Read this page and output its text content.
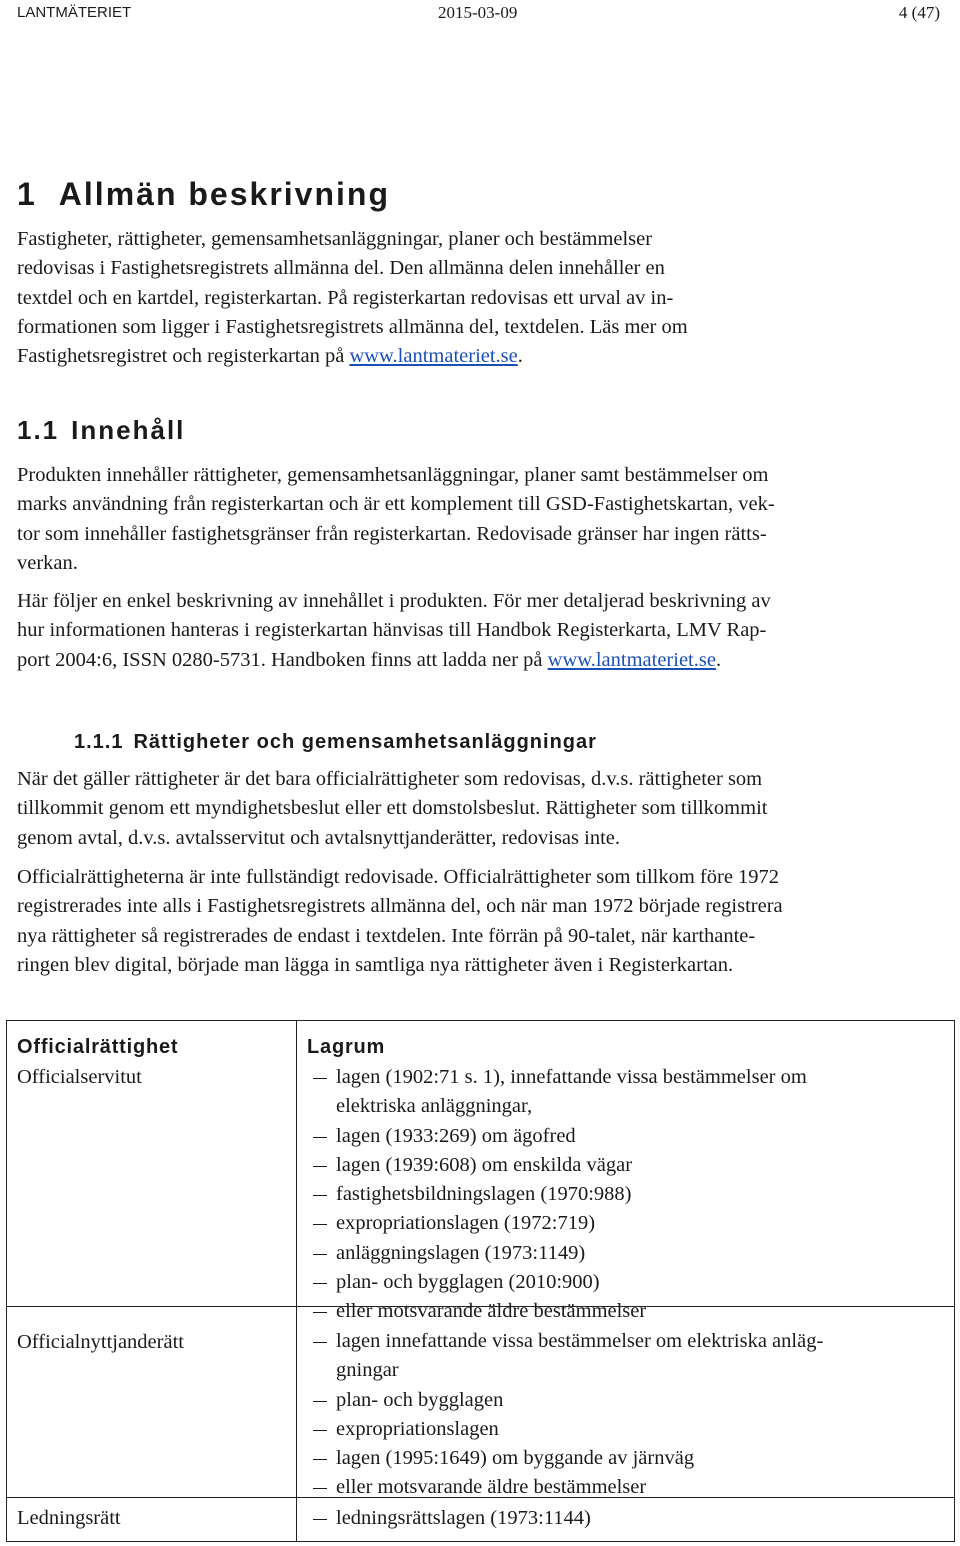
LANTMÄTERIET	2015-03-09	4 (47)
1 Allmän beskrivning

Fastigheter, rättigheter, gemensamhetsanläggningar, planer och bestämmelser
redovisas i Fastighetsregistrets allmänna del. Den allmänna delen innehåller en
textdel och en kartdel, registerkartan. På registerkartan redovisas ett urval av in-
formationen som ligger i Fastighetsregistrets allmänna del, textdelen. Läs mer om
Fastighetsregistret och registerkartan på www.lantmateriet.se.

1.1 Innehåll

Produkten innehåller rättigheter, gemensamhetsanläggningar, planer samt bestämmelser om
marks användning från registerkartan och är ett komplement till GSD-Fastighetskartan, vek-
tor som innehåller fastighetsgränser från registerkartan. Redovisade gränser har ingen rätts-
verkan.

Här följer en enkel beskrivning av innehållet i produkten. För mer detaljerad beskrivning av
hur informationen hanteras i registerkartan hänvisas till Handbok Registerkarta, LMV Rap-
port 2004:6, ISSN 0280-5731. Handboken finns att ladda ner på www.lantmateriet.se.

1.1.1 Rättigheter och gemensamhetsanläggningar

När det gäller rättigheter är det bara officialrättigheter som redovisas, d.v.s. rättigheter som
tillkommit genom ett myndighetsbeslut eller ett domstolsbeslut. Rättigheter som tillkommit
genom avtal, d.v.s. avtalsservitut och avtalsnyttjanderätter, redovisas inte.

Officialrättigheterna är inte fullständigt redovisade. Officialrättigheter som tillkom före 1972
registrerades inte alls i Fastighetsregistrets allmänna del, och när man 1972 började registrera
nya rättigheter så registrerades de endast i textdelen. Inte förrän på 90-talet, när karthante-
ringen blev digital, började man lägga in samtliga nya rättigheter även i Registerkartan.

Officialrättighet	Lagrum
Officialservitut	lagen (1902:71 s. 1), innefattande vissa bestämmelser om
elektriska anläggningar,
lagen (1933:269) om ägofred
lagen (1939:608) om enskilda vägar
fastighetsbildningslagen (1970:988)
expropriationslagen (1972:719)
anläggningslagen (1973:1149)
plan- och bygglagen (2010:900)
eller motsvarande äldre bestämmelser
Officialnyttjanderätt	lagen innefattande vissa bestämmelser om elektriska anläg-
gningar
plan- och bygglagen
expropriationslagen
lagen (1995:1649) om byggande av järnväg
eller motsvarande äldre bestämmelser
Ledningsrätt	ledningsrättslagen (1973:1144)
